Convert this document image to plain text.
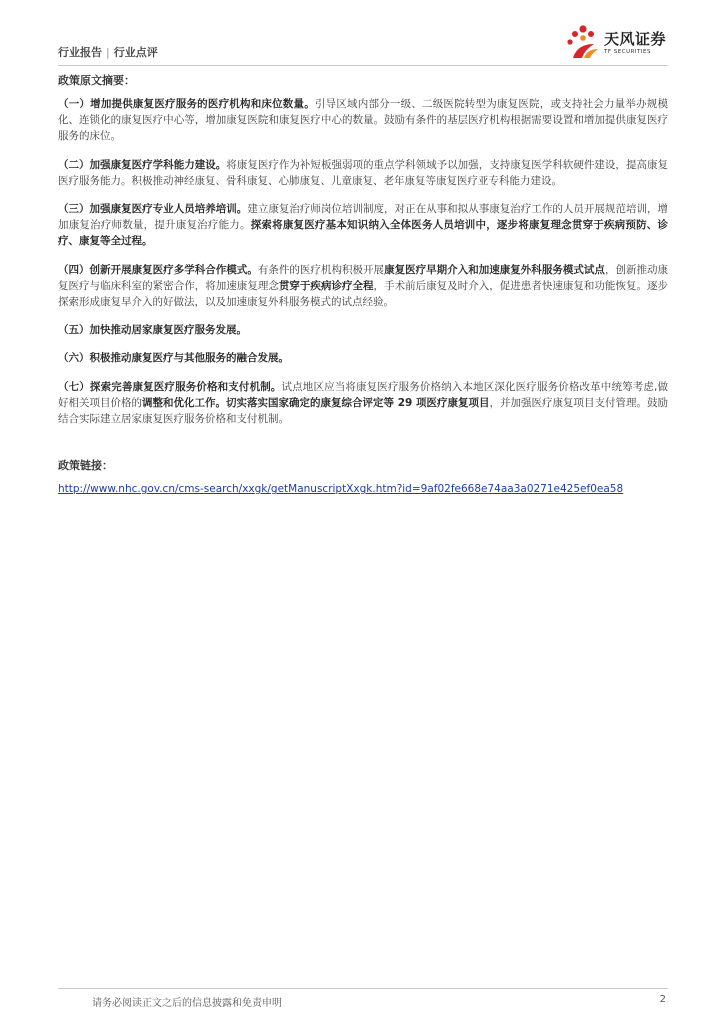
行业报告 | 行业点评
天风证券
TF SECURITIES
政策原文摘要：

（一）增加提供康复医疗服务的医疗机构和床位数量。引导区域内部分一级、二级医院转型为康复医院，或支持社会力量举办规模化、连锁化的康复医疗中心等，增加康复医院和康复医疗中心的数量。鼓励有条件的基层医疗机构根据需要设置和增加提供康复医疗服务的床位。

（二）加强康复医疗学科能力建设。将康复医疗作为补短板强弱项的重点学科领域予以加强，支持康复医学科软硬件建设，提高康复医疗服务能力。积极推动神经康复、骨科康复、心肺康复、儿童康复、老年康复等康复医疗亚专科能力建设。

（三）加强康复医疗专业人员培养培训。建立康复治疗师岗位培训制度，对正在从事和拟从事康复治疗工作的人员开展规范培训，增加康复治疗师数量，提升康复治疗能力。探索将康复医疗基本知识纳入全体医务人员培训中，逐步将康复理念贯穿于疾病预防、诊疗、康复等全过程。

（四）创新开展康复医疗多学科合作模式。有条件的医疗机构积极开展康复医疗早期介入和加速康复外科服务模式试点，创新推动康复医疗与临床科室的紧密合作，将加速康复理念贯穿于疾病诊疗全程，手术前后康复及时介入，促进患者快速康复和功能恢复。逐步探索形成康复早介入的好做法，以及加速康复外科服务模式的试点经验。

（五）加快推动居家康复医疗服务发展。

（六）积极推动康复医疗与其他服务的融合发展。

（七）探索完善康复医疗服务价格和支付机制。试点地区应当将康复医疗服务价格纳入本地区深化医疗服务价格改革中统筹考虑,做好相关项目价格的调整和优化工作。切实落实国家确定的康复综合评定等 29 项医疗康复项目，并加强医疗康复项目支付管理。鼓励结合实际建立居家康复医疗服务价格和支付机制。

政策链接：
http://www.nhc.gov.cn/cms-search/xxgk/getManuscriptXxgk.htm?id=9af02fe668e74aa3a0271e425ef0ea58
请务必阅读正文之后的信息披露和免责申明	2
